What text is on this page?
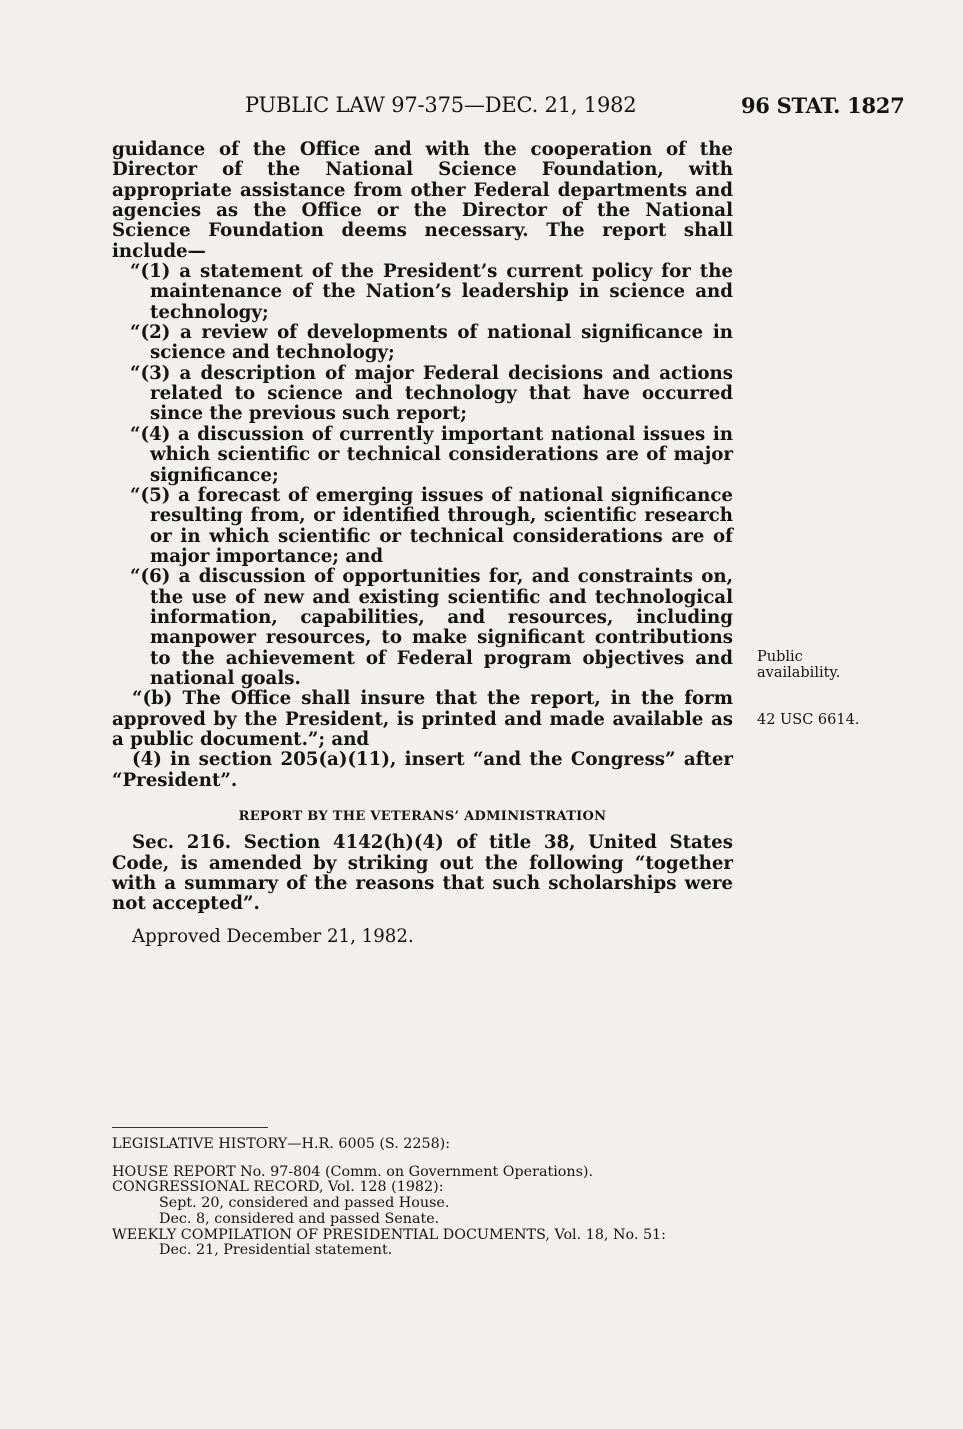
PUBLIC LAW 97-375—DEC. 21, 1982	96 STAT. 1827

guidance of the Office and with the cooperation of the Director of the National Science Foundation, with appropriate assistance from other Federal departments and agencies as the Office or the Director of the National Science Foundation deems necessary. The report shall include—

“(1) a statement of the President’s current policy for the maintenance of the Nation’s leadership in science and technology;

“(2) a review of developments of national significance in science and technology;

“(3) a description of major Federal decisions and actions related to science and technology that have occurred since the previous such report;

“(4) a discussion of currently important national issues in which scientific or technical considerations are of major significance;

“(5) a forecast of emerging issues of national significance resulting from, or identified through, scientific research or in which scientific or technical considerations are of major importance; and

“(6) a discussion of opportunities for, and constraints on, the use of new and existing scientific and technological information, capabilities, and resources, including manpower resources, to make significant contributions to the achievement of Federal program objectives and national goals.

“(b) The Office shall insure that the report, in the form approved by the President, is printed and made available as a public document.”; and

(4) in section 205(a)(11), insert “and the Congress” after “President”.

REPORT BY THE VETERANS’ ADMINISTRATION

Sec. 216. Section 4142(h)(4) of title 38, United States Code, is amended by striking out the following “together with a summary of the reasons that such scholarships were not accepted”.

Approved December 21, 1982.

Public
availability.
42 USC 6614.

LEGISLATIVE HISTORY—H.R. 6005 (S. 2258):

HOUSE REPORT No. 97-804 (Comm. on Government Operations).

CONGRESSIONAL RECORD, Vol. 128 (1982):

Sept. 20, considered and passed House.

Dec. 8, considered and passed Senate.

WEEKLY COMPILATION OF PRESIDENTIAL DOCUMENTS, Vol. 18, No. 51:

Dec. 21, Presidential statement.
